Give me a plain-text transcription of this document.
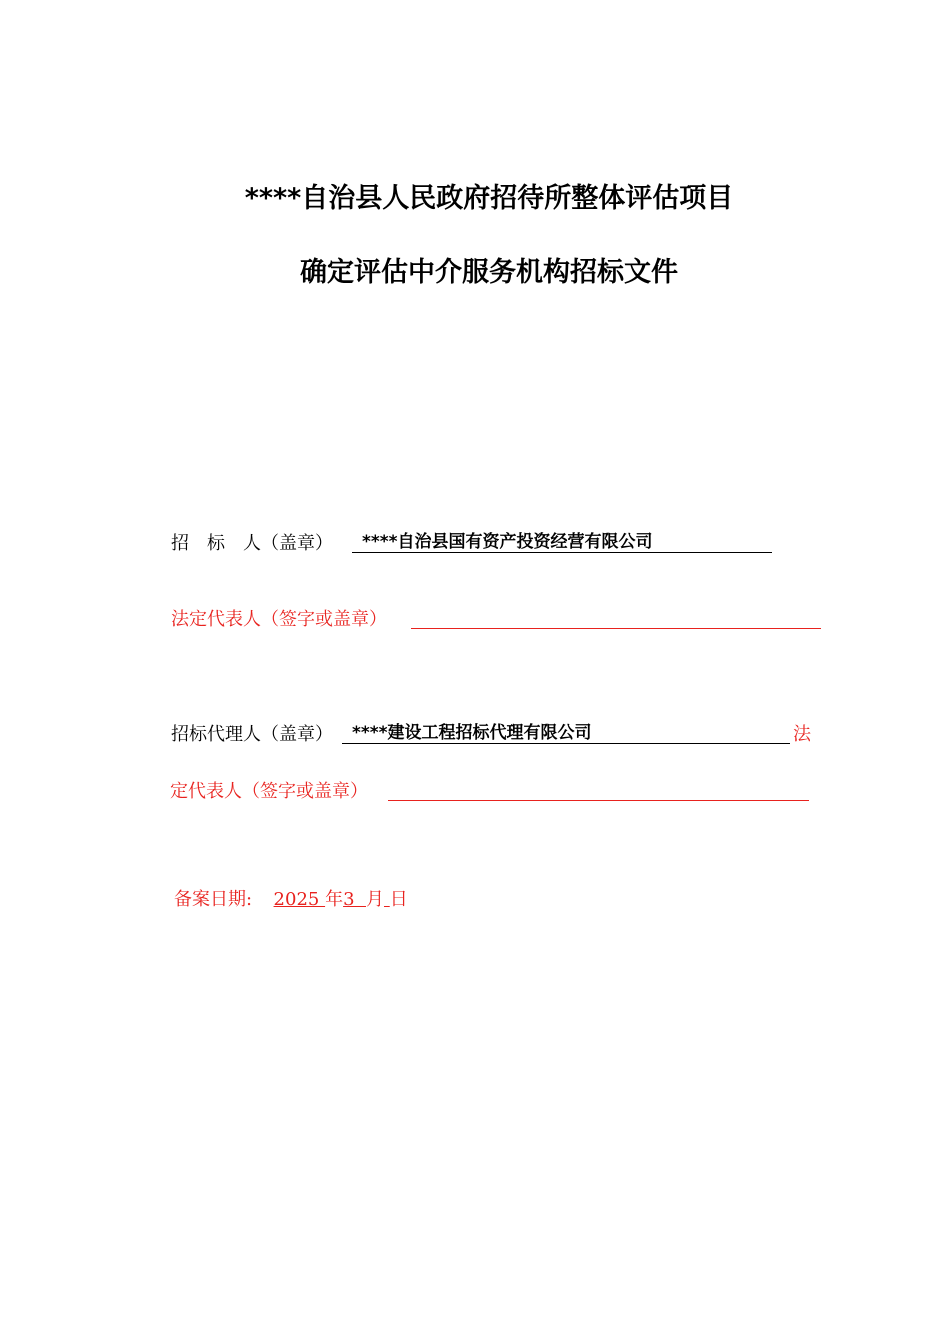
****自治县人民政府招待所整体评估项目
确定评估中介服务机构招标文件
招　标　人（盖章）	****自治县国有资产投资经营有限公司
法定代表人（签字或盖章）
招标代理人（盖章）	****建设工程招标代理有限公司	法
定代表人（签字或盖章）
备案日期: 2025 年3  月 日
